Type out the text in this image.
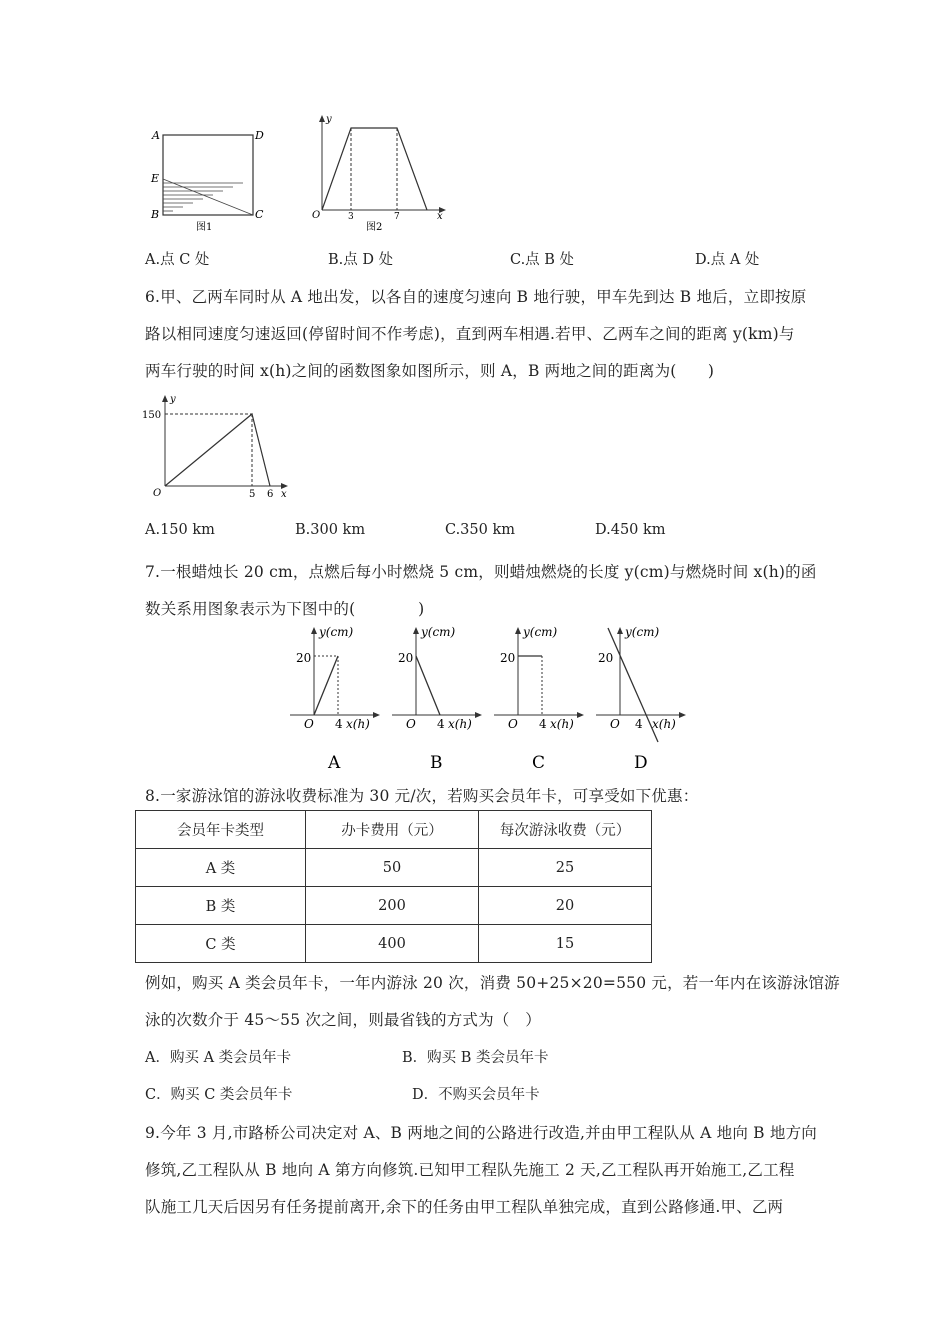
A	D
E
B	C
图1
y
O	3	7	x
图2
A.点 C 处	B.点 D 处	C.点 B 处	D.点 A 处
6.甲、乙两车同时从 A 地出发，以各自的速度匀速向 B 地行驶，甲车先到达 B 地后，立即按原
路以相同速度匀速返回(停留时间不作考虑)，直到两车相遇.若甲、乙两车之间的距离 y(km)与
两车行驶的时间 x(h)之间的函数图象如图所示，则 A，B 两地之间的距离为(　　)
y
150
O	5 6 x
A.150 km	B.300 km	C.350 km	D.450 km
7.一根蜡烛长 20 cm，点燃后每小时燃烧 5 cm，则蜡烛燃烧的长度 y(cm)与燃烧时间 x(h)的函
数关系用图象表示为下图中的(　　　　)
y(cm)
20
O 4 x(h)
A
y(cm)
20
O 4 x(h)
B
y(cm)
20
O 4 x(h)
C
y(cm)
20
O 4 x(h)
D
8.一家游泳馆的游泳收费标准为 30 元/次，若购买会员年卡，可享受如下优惠：
会员年卡类型	办卡费用（元）	每次游泳收费（元）
A 类	50	25
B 类	200	20
C 类	400	15
例如，购买 A 类会员年卡，一年内游泳 20 次，消费 50+25×20=550 元，若一年内在该游泳馆游
泳的次数介于 45～55 次之间，则最省钱的方式为（　）
A．购买 A 类会员年卡	B．购买 B 类会员年卡
C．购买 C 类会员年卡	D．不购买会员年卡
9.今年 3 月,市路桥公司决定对 A、B 两地之间的公路进行改造,并由甲工程队从 A 地向 B 地方向
修筑,乙工程队从 B 地向 A 第方向修筑.已知甲工程队先施工 2 天,乙工程队再开始施工,乙工程
队施工几天后因另有任务提前离开,余下的任务由甲工程队单独完成，直到公路修通.甲、乙两
